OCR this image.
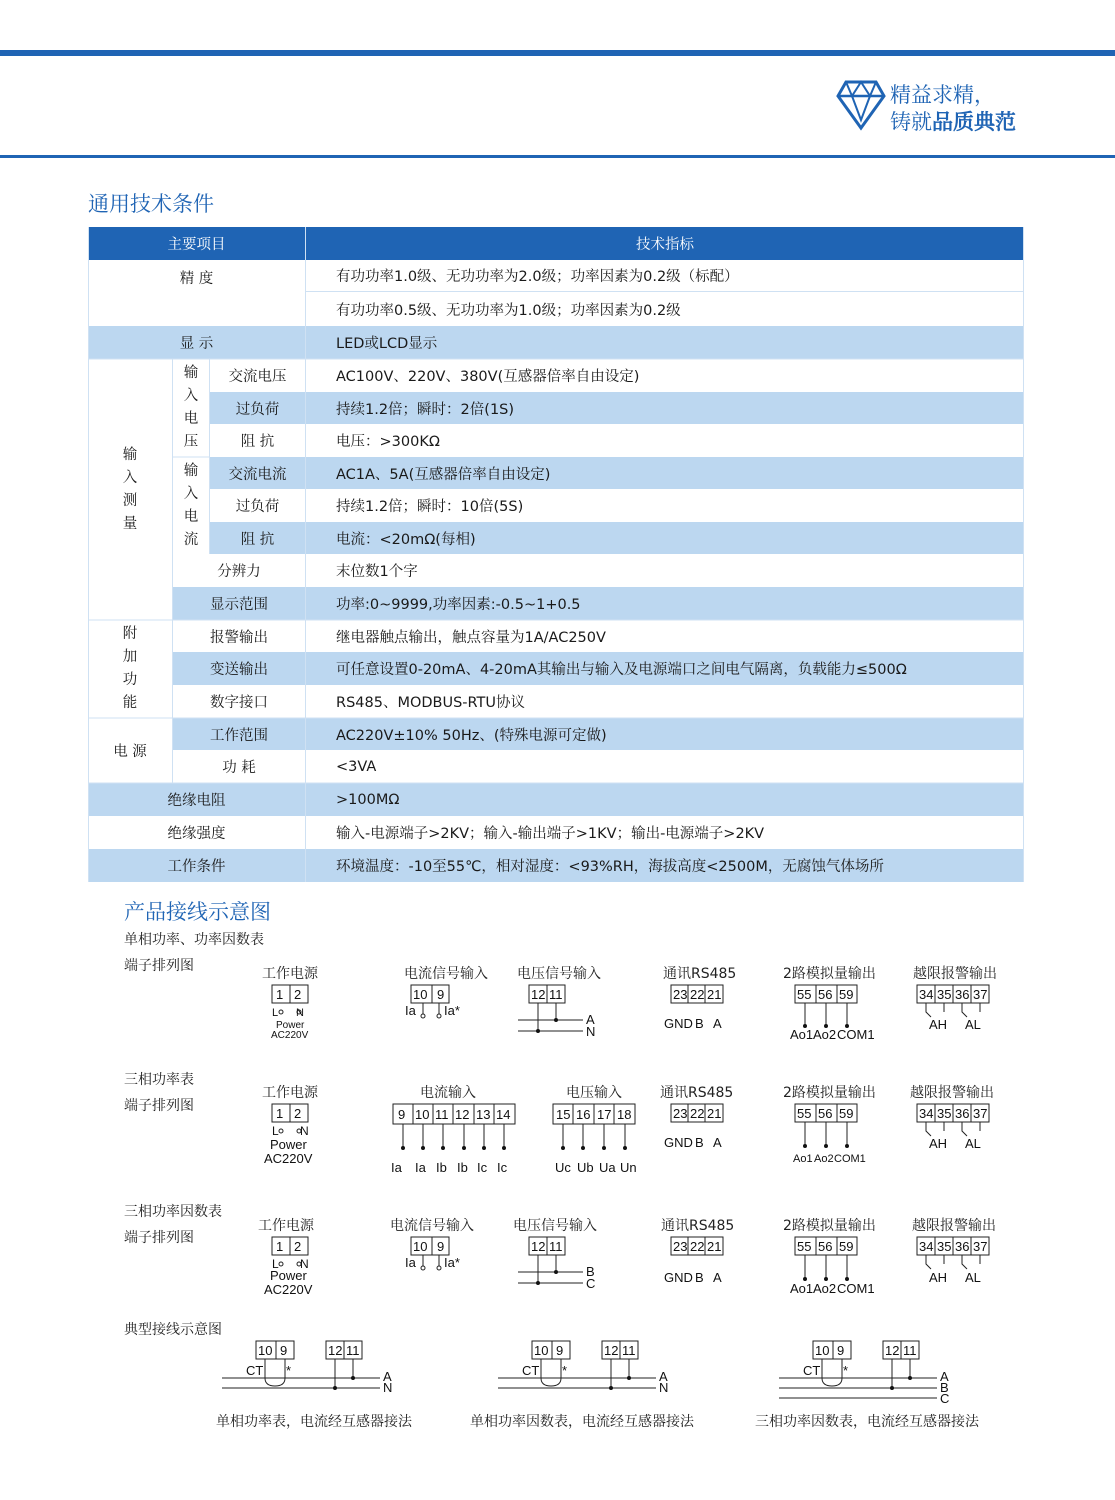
精益求精，
铸就品质典范
通用技术条件
主要项目	技术指标
精 度	有功功率1.0级、无功功率为2.0级；功率因素为0.2级（标配）
有功功率0.5级、无功功率为1.0级；功率因素为0.2级
显 示	LED或LCD显示
输
入
测
量
输
入
电
压
输
入
电
流
交流电压	AC100V、220V、380V(互感器倍率自由设定)
过负荷	持续1.2倍；瞬时：2倍(1S)
阻 抗	电压：>300KΩ
交流电流	AC1A、5A(互感器倍率自由设定)
过负荷	持续1.2倍；瞬时：10倍(5S)
阻 抗	电流：<20mΩ(每相)
分辨力	末位数1个字
显示范围	功率:0~9999,功率因素:-0.5~1+0.5
附
加
功
能
报警输出	继电器触点输出，触点容量为1A/AC250V
变送输出	可任意设置0-20mA、4-20mA其输出与输入及电源端口之间电气隔离，负载能力≤500Ω
数字接口	RS485、MODBUS-RTU协议
电 源
工作范围	AC220V±10% 50Hz、(特殊电源可定做)
功 耗	<3VA
绝缘电阻	>100MΩ
绝缘强度	输入-电源端子>2KV；输入-输出端子>1KV；输出-电源端子>2KV
工作条件	环境温度：-10至55℃，相对湿度：<93%RH，海拔高度<2500M，无腐蚀气体场所
产品接线示意图
单相功率、功率因数表
端子排列图
三相功率表
端子排列图
三相功率因数表
端子排列图
典型接线示意图
工作电源	电流信号输入 电压信号输入	通讯RS485	2路模拟量输出	越限报警输出
工作电源	电流输入	电压输入	通讯RS485	2路模拟量输出 越限报警输出
工作电源	电流信号输入	电压信号输入	通讯RS485	2路模拟量输出	越限报警输出
单相功率表，电流经互感器接法	单相功率因数表，电流经互感器接法	三相功率因数表，电流经互感器接法
1 2
L N
Power
AC220V
10 9
Ia Ia*
12 11
A
N
23 22 21
GND B A
55 56 59
Ao1 Ao2 COM1
34 35 36 37
AH AL
1 2
L N
Power
AC220V
9 10 11 12 13 14
Ia Ia Ib Ib Ic Ic
15 16 17 18
Uc Ub Ua Un
23 22 21
GND B A
55 56 59
Ao1 Ao2 COM1
34 35 36 37
AH AL
1 2
L N
Power
AC220V
10 9
Ia Ia*
12 11
B
C
23 22 21
GND B A
55 56 59
Ao1 Ao2 COM1
34 35 36 37
AH AL
10 9	12 11
CT *	A
N
10 9	12 11
CT *	A
N
10 9	12 11
CT *	A
B
C
